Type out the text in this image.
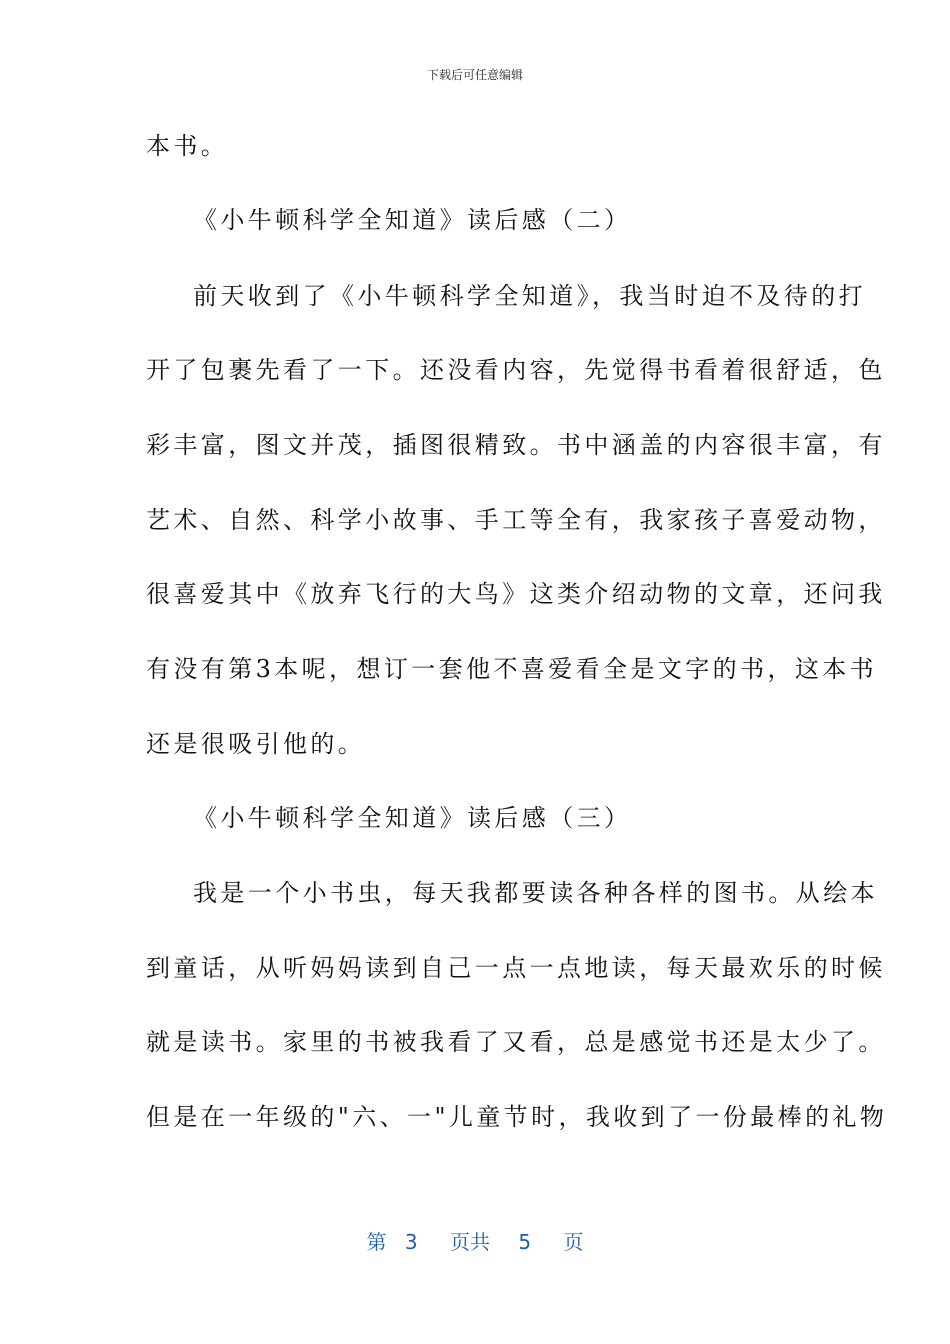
下载后可任意编辑
本书。
《小牛顿科学全知道》读后感（二）
前天收到了《小牛顿科学全知道》，我当时迫不及待的打
开了包裹先看了一下。还没看内容，先觉得书看着很舒适，色
彩丰富，图文并茂，插图很精致。书中涵盖的内容很丰富，有
艺术、自然、科学小故事、手工等全有，我家孩子喜爱动物，
很喜爱其中《放弃飞行的大鸟》这类介绍动物的文章，还问我
有没有第3本呢，想订一套他不喜爱看全是文字的书，这本书
还是很吸引他的。
《小牛顿科学全知道》读后感（三）
我是一个小书虫，每天我都要读各种各样的图书。从绘本
到童话，从听妈妈读到自己一点一点地读，每天最欢乐的时候
就是读书。家里的书被我看了又看，总是感觉书还是太少了。
但是在一年级的"六、一"儿童节时，我收到了一份最棒的礼物
第 3 页共 5 页
